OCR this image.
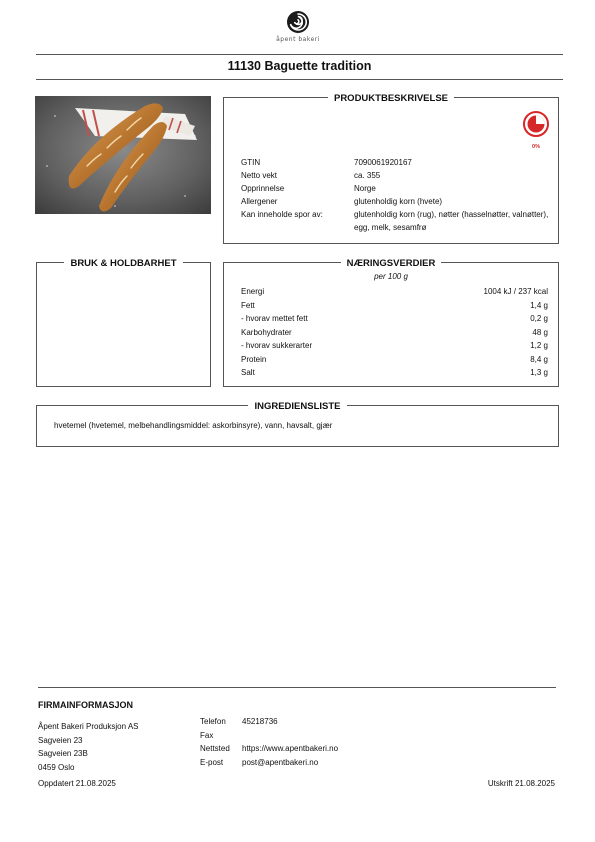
åpent bakeri
11130 Baguette tradition
PRODUKTBESKRIVELSE
0%
GTIN	7090061920167
Netto vekt	ca. 355
Opprinnelse	Norge
Allergener	glutenholdig korn (hvete)
Kan inneholde spor av:	glutenholdig korn (rug), nøtter (hasselnøtter, valnøtter), egg, melk, sesamfrø
BRUK & HOLDBARHET	NÆRINGSVERDIER
per 100 g
Energi	1004 kJ / 237 kcal
Fett	1,4 g
- hvorav mettet fett	0,2 g
Karbohydrater	48 g
- hvorav sukkerarter	1,2 g
Protein	8,4 g
Salt	1,3 g
INGREDIENSLISTE
hvetemel (hvetemel, melbehandlingsmiddel: askorbinsyre), vann, havsalt, gjær
FIRMAINFORMASJON
Åpent Bakeri Produksjon AS
Sagveien 23
Sagveien 23B
0459 Oslo
Telefon	45218736
Fax
Nettsted	https://www.apentbakeri.no
E-post	post@apentbakeri.no
Oppdatert 21.08.2025	Utskrift 21.08.2025
